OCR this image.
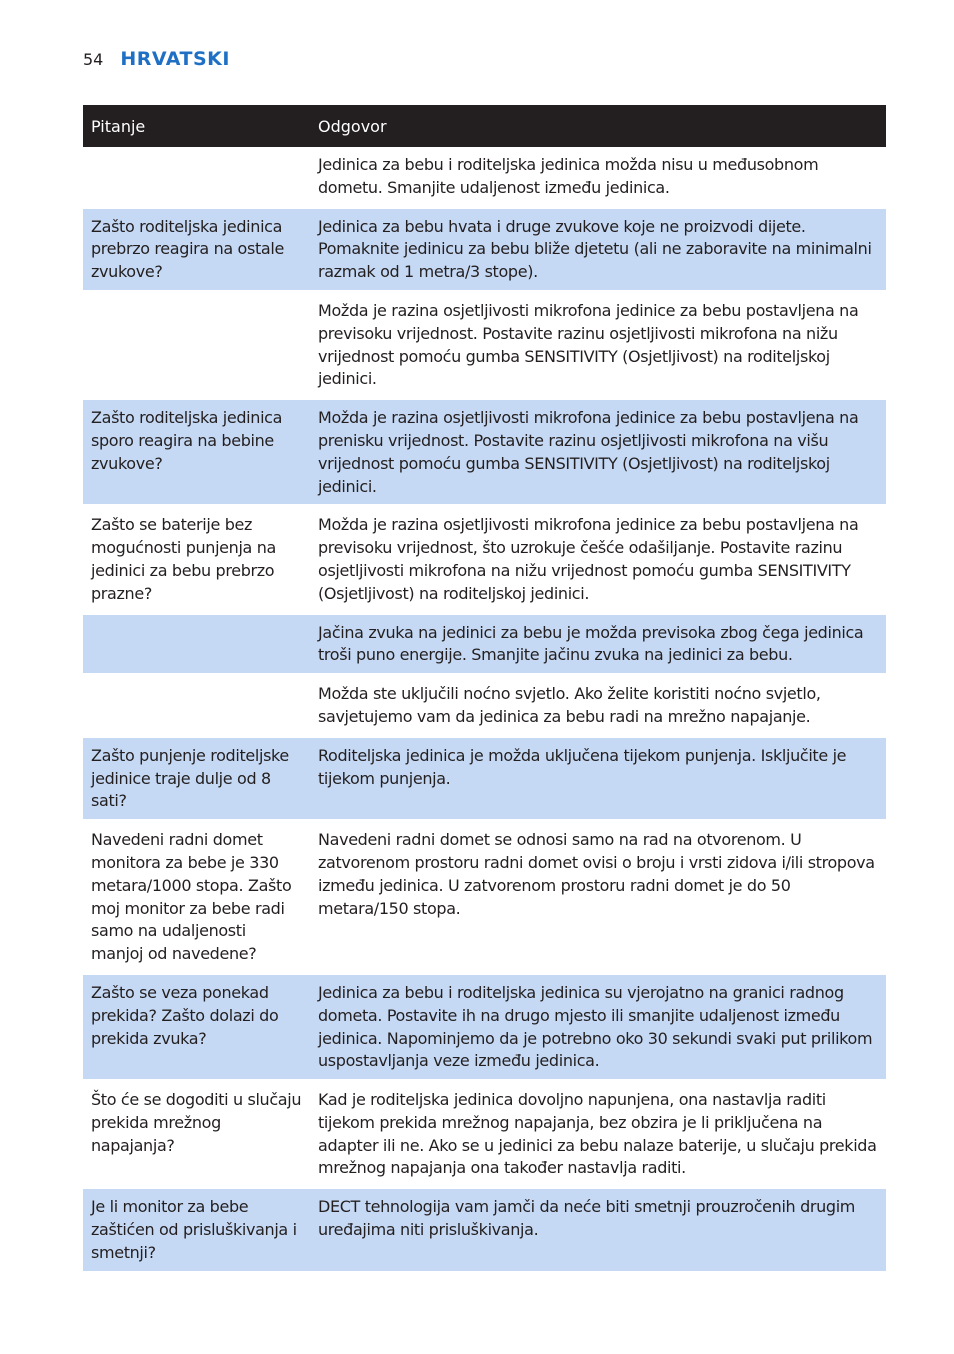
54 HRVATSKI
Pitanje	Odgovor
	Jedinica za bebu i roditeljska jedinica možda nisu u međusobnom dometu. Smanjite udaljenost između jedinica.
Zašto roditeljska jedinica prebrzo reagira na ostale zvukove?	Jedinica za bebu hvata i druge zvukove koje ne proizvodi dijete. Pomaknite jedinicu za bebu bliže djetetu (ali ne zaboravite na minimalni razmak od 1 metra/3 stope).
	Možda je razina osjetljivosti mikrofona jedinice za bebu postavljena na previsoku vrijednost. Postavite razinu osjetljivosti mikrofona na nižu vrijednost pomoću gumba SENSITIVITY (Osjetljivost) na roditeljskoj jedinici.
Zašto roditeljska jedinica sporo reagira na bebine zvukove?	Možda je razina osjetljivosti mikrofona jedinice za bebu postavljena na prenisku vrijednost. Postavite razinu osjetljivosti mikrofona na višu vrijednost pomoću gumba SENSITIVITY (Osjetljivost) na roditeljskoj jedinici.
Zašto se baterije bez mogućnosti punjenja na jedinici za bebu prebrzo prazne?	Možda je razina osjetljivosti mikrofona jedinice za bebu postavljena na previsoku vrijednost, što uzrokuje češće odašiljanje. Postavite razinu osjetljivosti mikrofona na nižu vrijednost pomoću gumba SENSITIVITY (Osjetljivost) na roditeljskoj jedinici.
	Jačina zvuka na jedinici za bebu je možda previsoka zbog čega jedinica troši puno energije. Smanjite jačinu zvuka na jedinici za bebu.
	Možda ste uključili noćno svjetlo. Ako želite koristiti noćno svjetlo, savjetujemo vam da jedinica za bebu radi na mrežno napajanje.
Zašto punjenje roditeljske jedinice traje dulje od 8 sati?	Roditeljska jedinica je možda uključena tijekom punjenja. Isključite je tijekom punjenja.
Navedeni radni domet monitora za bebe je 330 metara/1000 stopa. Zašto moj monitor za bebe radi samo na udaljenosti manjoj od navedene?	Navedeni radni domet se odnosi samo na rad na otvorenom. U zatvorenom prostoru radni domet ovisi o broju i vrsti zidova i/ili stropova između jedinica. U zatvorenom prostoru radni domet je do 50 metara/150 stopa.
Zašto se veza ponekad prekida? Zašto dolazi do prekida zvuka?	Jedinica za bebu i roditeljska jedinica su vjerojatno na granici radnog dometa. Postavite ih na drugo mjesto ili smanjite udaljenost između jedinica. Napominjemo da je potrebno oko 30 sekundi svaki put prilikom uspostavljanja veze između jedinica.
Što će se dogoditi u slučaju prekida mrežnog napajanja?	Kad je roditeljska jedinica dovoljno napunjena, ona nastavlja raditi tijekom prekida mrežnog napajanja, bez obzira je li priključena na adapter ili ne. Ako se u jedinici za bebu nalaze baterije, u slučaju prekida mrežnog napajanja ona također nastavlja raditi.
Je li monitor za bebe zaštićen od prisluškivanja i smetnji?	DECT tehnologija vam jamči da neće biti smetnji prouzročenih drugim uređajima niti prisluškivanja.
